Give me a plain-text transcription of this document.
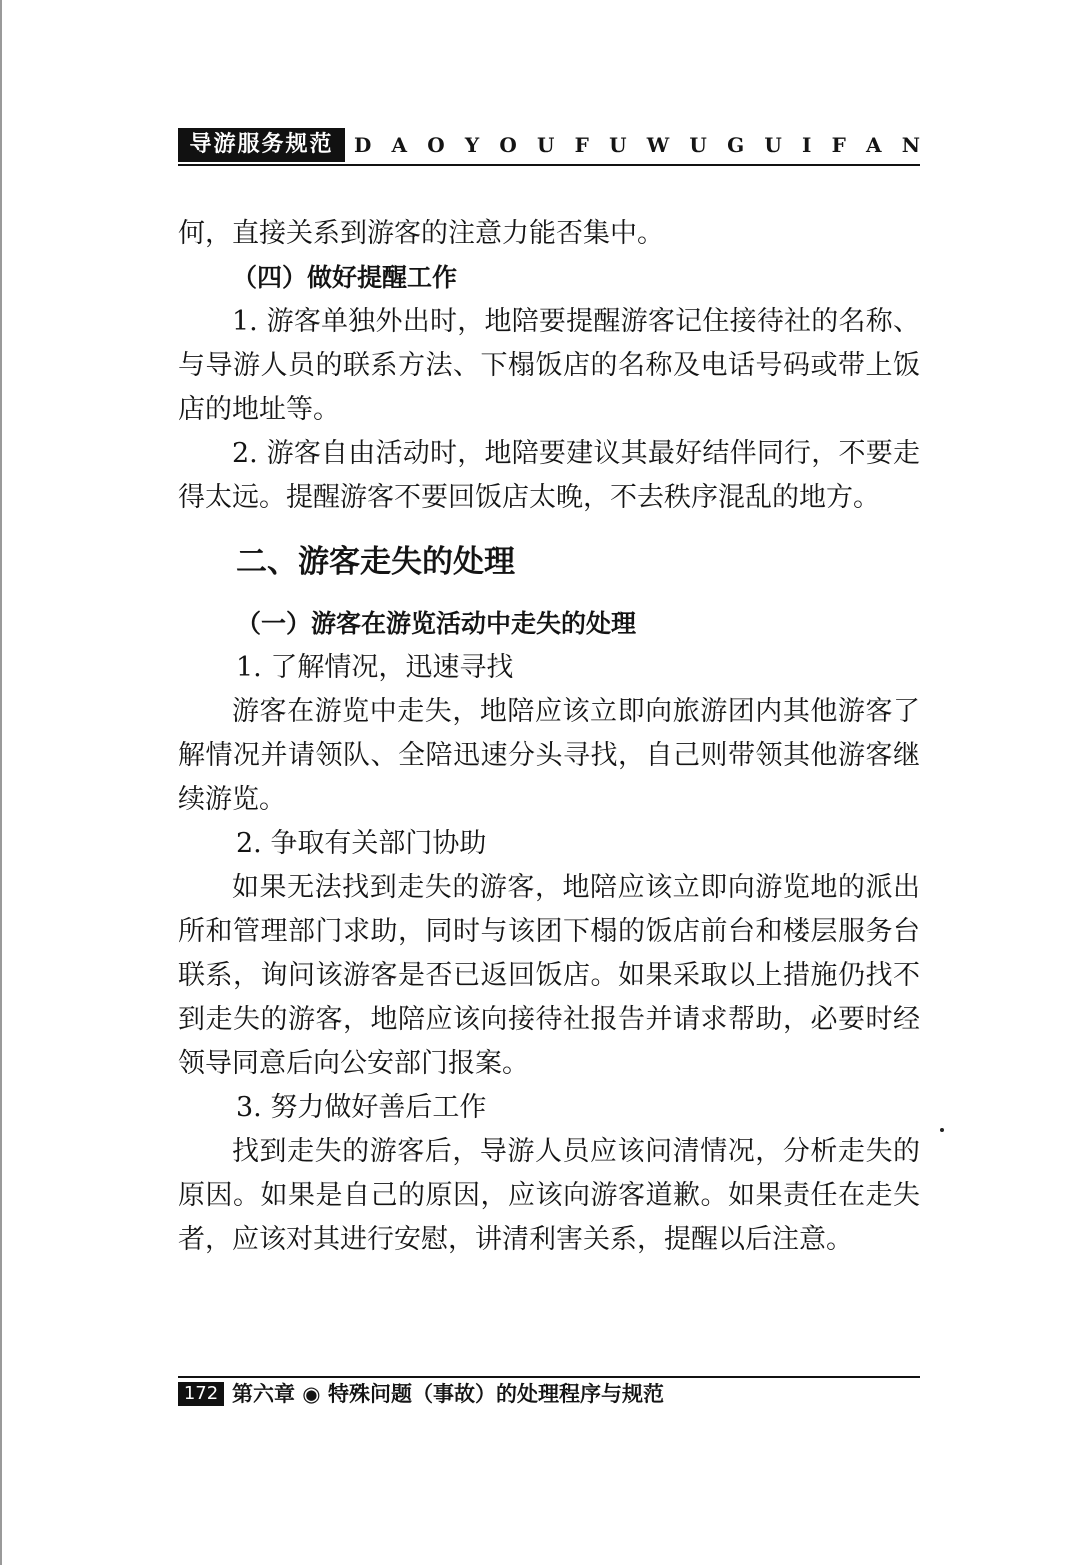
导游服务规范	D A O Y O U F U W U G U I F A N

何，直接关系到游客的注意力能否集中。

（四）做好提醒工作

1. 游客单独外出时，地陪要提醒游客记住接待社的名称、与导游人员的联系方法、下榻饭店的名称及电话号码或带上饭店的地址等。

2. 游客自由活动时，地陪要建议其最好结伴同行，不要走得太远。提醒游客不要回饭店太晚，不去秩序混乱的地方。

二、游客走失的处理

（一）游客在游览活动中走失的处理

1. 了解情况，迅速寻找

游客在游览中走失，地陪应该立即向旅游团内其他游客了解情况并请领队、全陪迅速分头寻找，自己则带领其他游客继续游览。

2. 争取有关部门协助

如果无法找到走失的游客，地陪应该立即向游览地的派出所和管理部门求助，同时与该团下榻的饭店前台和楼层服务台联系，询问该游客是否已返回饭店。如果采取以上措施仍找不到走失的游客，地陪应该向接待社报告并请求帮助，必要时经领导同意后向公安部门报案。

3. 努力做好善后工作

找到走失的游客后，导游人员应该问清情况，分析走失的原因。如果是自己的原因，应该向游客道歉。如果责任在走失者，应该对其进行安慰，讲清利害关系，提醒以后注意。

172 第六章 ◉ 特殊问题（事故）的处理程序与规范
